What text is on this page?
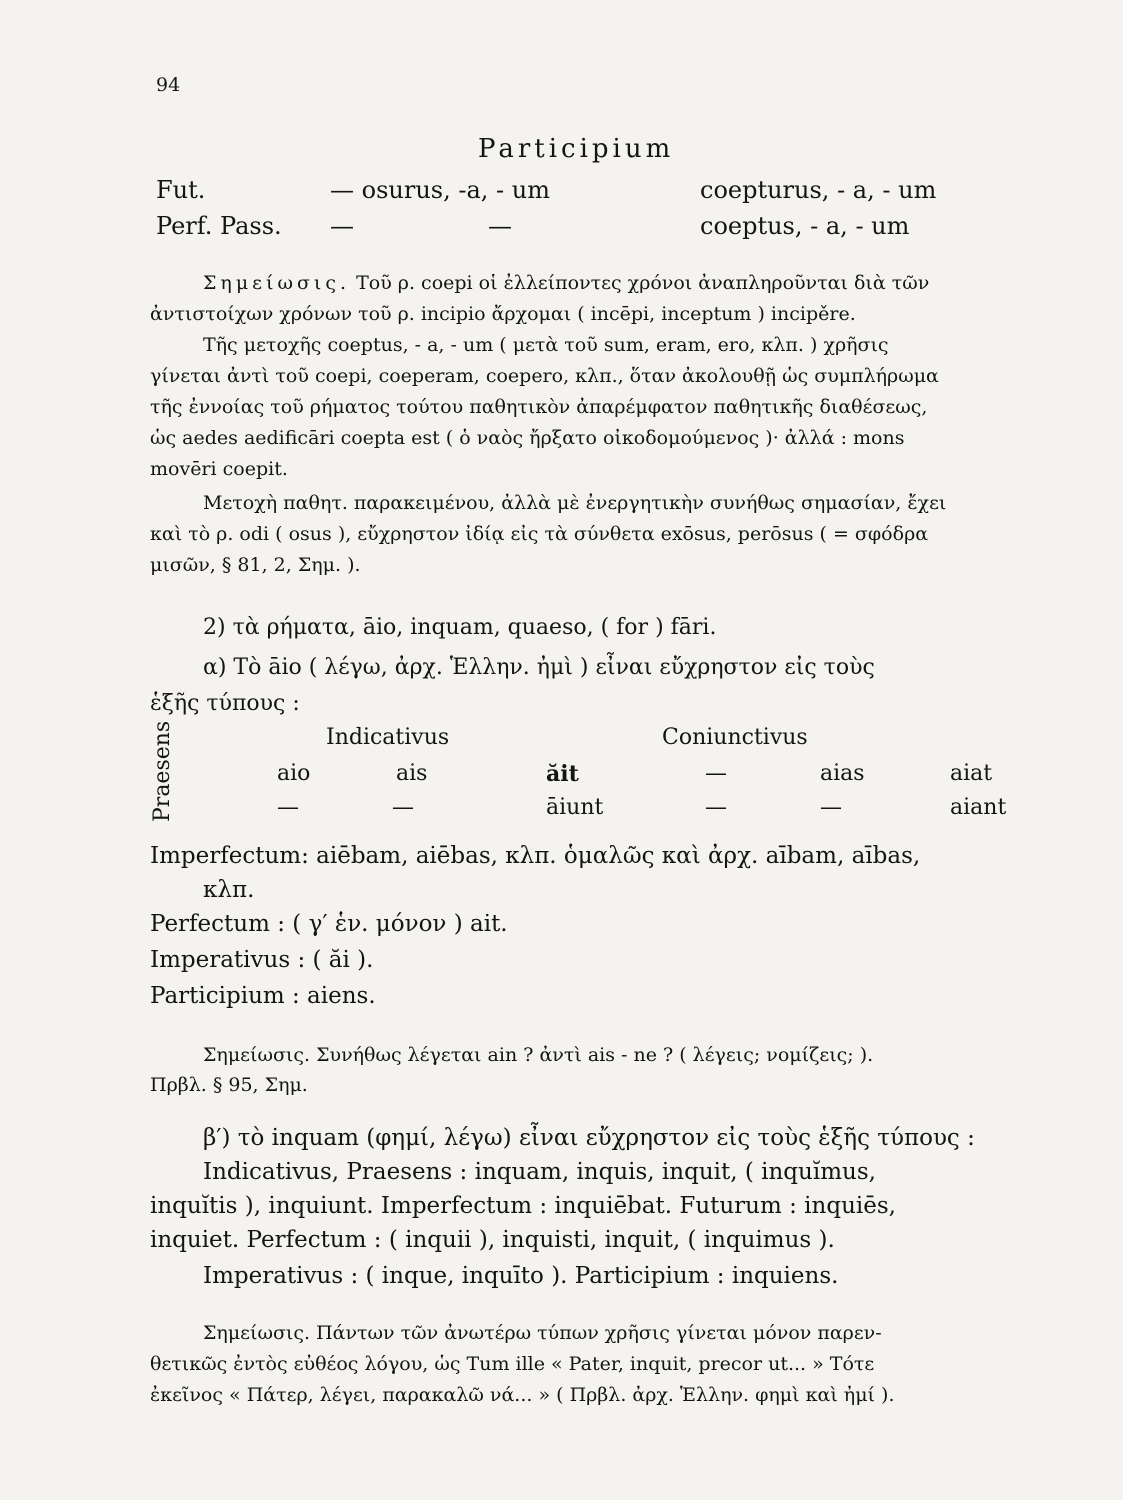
94
Participium
Fut.	— osurus, -a, - um	coepturus, - a, - um
Perf. Pass. —	—	coeptus, - a, - um
Σημείωσις. Τοῦ ρ. coepi οἱ ἐλλείποντες χρόνοι ἀναπληροῦνται διὰ τῶν
ἀντιστοίχων χρόνων τοῦ ρ. incipio ἄρχομαι ( incēpi, inceptum ) incipěre.
Τῆς μετοχῆς coeptus, - a, - um ( μετὰ τοῦ sum, eram, ero, κλπ. ) χρῆσις
γίνεται ἀντὶ τοῦ coepi, coeperam, coepero, κλπ., ὅταν ἀκολουθῇ ὡς συμπλήρωμα
τῆς ἐννοίας τοῦ ρήματος τούτου παθητικὸν ἀπαρέμφατον παθητικῆς διαθέσεως,
ὡς aedes aedificāri coepta est ( ὁ ναὸς ἤρξατο οἰκοδομούμενος )· ἀλλά : mons
movēri coepit.
Μετοχὴ παθητ. παρακειμένου, ἀλλὰ μὲ ἐνεργητικὴν συνήθως σημασίαν, ἔχει
καὶ τὸ ρ. odi ( osus ), εὔχρηστον ἰδίᾳ εἰς τὰ σύνθετα exōsus, perōsus ( = σφόδρα
μισῶν, § 81, 2, Σημ. ).
2) τὰ ρήματα, āio, inquam, quaeso, ( for ) fāri.
α) Τὸ āio ( λέγω, ἀρχ. Ἑλλην. ἠμὶ ) εἶναι εὔχρηστον εἰς τοὺς
ἑξῆς τύπους :
Praesens	Indicativus	Coniunctivus
aio	ais	ăit	—	aias	aiat
—	—	āiunt	—	—	aiant
Imperfectum: aiēbam, aiēbas, κλπ. ὁμαλῶς καὶ ἀρχ. aībam, aības,
κλπ.
Perfectum : ( γ′ ἑν. μόνον ) ait.
Imperativus : ( ăi ).
Participium : aiens.
Σημείωσις. Συνήθως λέγεται ain ? ἀντὶ ais - ne ? ( λέγεις; νομίζεις; ).
Πρβλ. § 95, Σημ.
β′) τὸ inquam (φημί, λέγω) εἶναι εὔχρηστον εἰς τοὺς ἑξῆς τύπους :
Indicativus, Praesens : inquam, inquis, inquit, ( inquĭmus,
inquĭtis ), inquiunt. Imperfectum : inquiēbat. Futurum : inquiēs,
inquiet. Perfectum : ( inquii ), inquisti, inquit, ( inquimus ).
Imperativus : ( inque, inquīto ). Participium : inquiens.
Σημείωσις. Πάντων τῶν ἀνωτέρω τύπων χρῆσις γίνεται μόνον παρεν-
θετικῶς ἐντὸς εὐθέος λόγου, ὡς Tum ille « Pater, inquit, precor ut... » Τότε
ἐκεῖνος « Πάτερ, λέγει, παρακαλῶ νά... » ( Πρβλ. ἀρχ. Ἑλλην. φημὶ καὶ ἠμί ).
